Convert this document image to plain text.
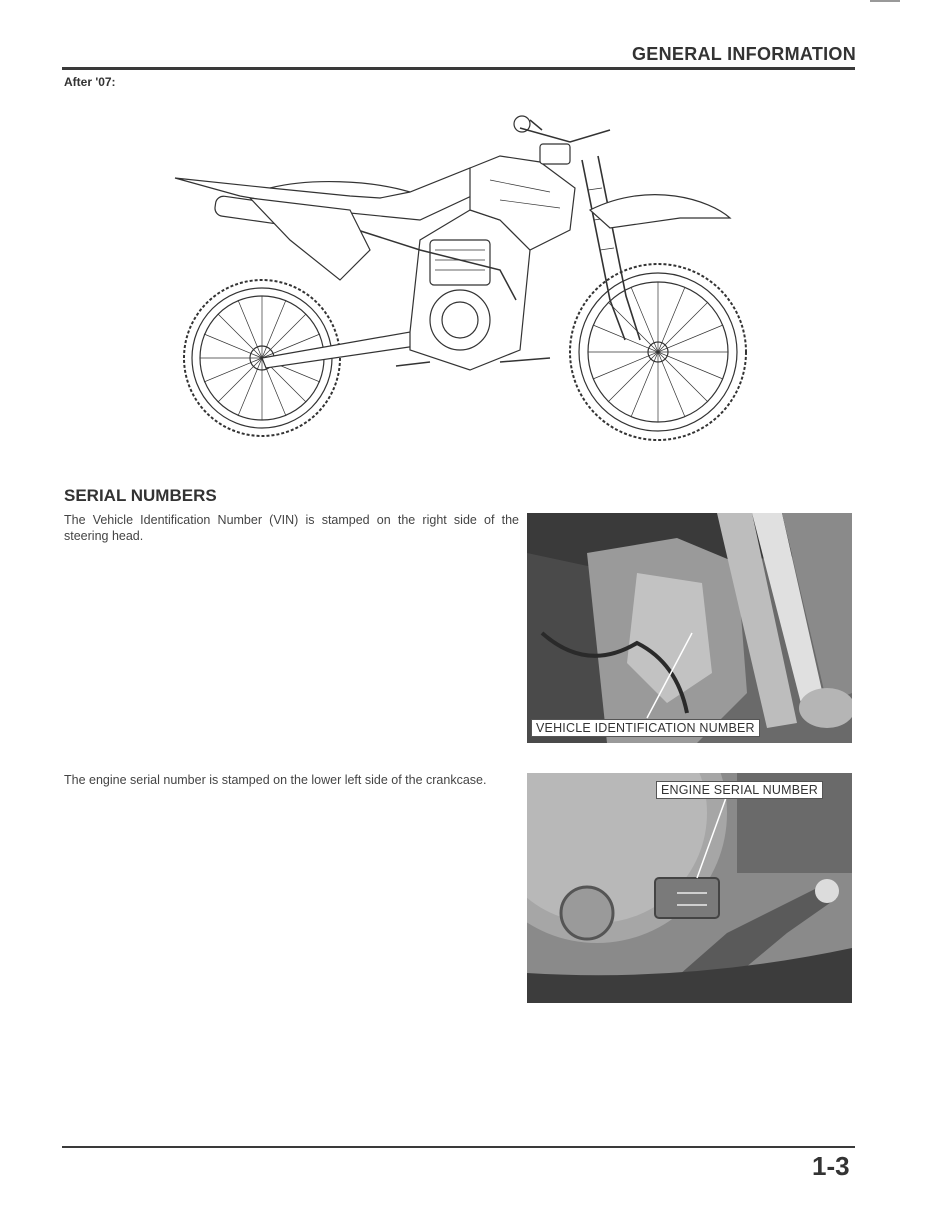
GENERAL INFORMATION
After '07:
SERIAL NUMBERS

The Vehicle Identification Number (VIN) is stamped on the right side of the steering head.

VEHICLE IDENTIFICATION NUMBER

The engine serial number is stamped on the lower left side of the crankcase.

ENGINE SERIAL NUMBER
1-3
